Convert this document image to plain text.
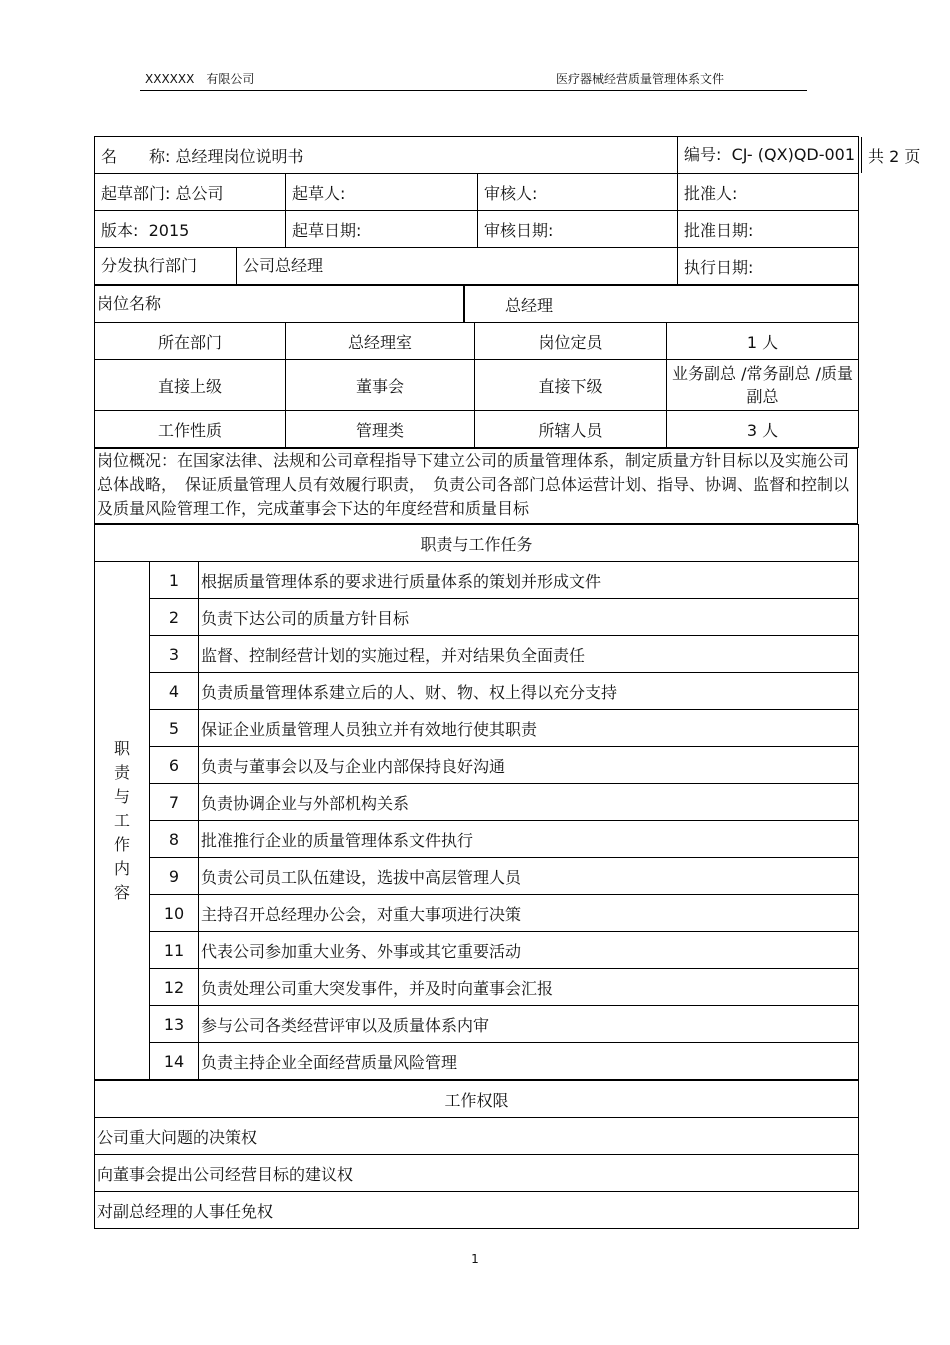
XXXXXX　有限公司	医疗器械经营质量管理体系文件
名　　称: 总经理岗位说明书			编号: CJ- (QX)QD-001 共 2 页

起草部门: 总公司	起草人:	审核人:	批准人:
版本: 2015	起草日期:	审核日期:	批准日期:

分发执行部门 公司总经理 执行日期:			
岗位名称 总经理			

所在部门	总经理室	岗位定员	1 人
直接上级	董事会	直接下级	业务副总 /常务副总 /质量副总
工作性质	管理类	所辖人员	3 人
岗位概况：在国家法律、法规和公司章程指导下建立公司的质量管理体系，制定质量方针目标以及实施公司总体战略，　保证质量管理人员有效履行职责，　负责公司各部门总体运营计划、指导、协调、监督和控制以及质量风险管理工作，完成董事会下达的年度经营和质量目标
职责与工作任务		

职责与工作内容	1	根据质量管理体系的要求进行质量体系的策划并形成文件
	2	负责下达公司的质量方针目标
	3	监督、控制经营计划的实施过程，并对结果负全面责任
	4	负责质量管理体系建立后的人、财、物、权上得以充分支持
	5	保证企业质量管理人员独立并有效地行使其职责
	6	负责与董事会以及与企业内部保持良好沟通
	7	负责协调企业与外部机构关系
	8	批准推行企业的质量管理体系文件执行
	9	负责公司员工队伍建设，选拔中高层管理人员
	10	主持召开总经理办公会，对重大事项进行决策
	11	代表公司参加重大业务、外事或其它重要活动
	12	负责处理公司重大突发事件，并及时向董事会汇报
	13	参与公司各类经营评审以及质量体系内审
	14	负责主持企业全面经营质量风险管理
工作权限		
公司重大问题的决策权		
向董事会提出公司经营目标的建议权		
对副总经理的人事任免权		
1
